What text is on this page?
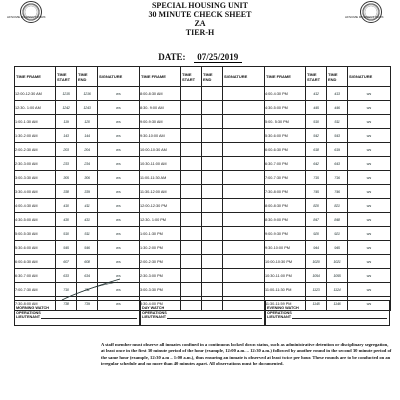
AFSCME ROHNERT PARK	AFSCME ROHNERT PARK
SPECIAL HOUSING UNIT
30 MINUTE CHECK SHEET
ZA
TIER-H
DATE: 07/25/2019
TIME FRAME	TIME START	TIME END	SIGNATURE	TIME FRAME	TIME START	TIME END	SIGNATURE	TIME FRAME	TIME START	TIME END	SIGNATURE
12:00-12:30 AM	1215	1216	ws	8:00-8:30 AM				4:00-4:30 PM	412	413	ws
12:30- 1:00 AM	1242	1243	ws	8:30- 9:00 AM				4:30-5:00 PM	445	446	ws
1:00-1:30 AM	119	120	ws	9:00-9:30 AM				5:00- 5:30 PM	510	511	ws
1:30-2:00 AM	143	144	ws	9:30-10:00 AM				5:30-6:00 PM	542	543	ws
2:00-2:30 AM	203	204	ws	10:00-10:30 AM				6:00-6:30 PM	618	619	ws
2:30-3:00 AM	233	234	ws	10:30-11:00 AM				6:30-7:00 PM	642	643	ws
3:00-3:30 AM	305	306	ws	11:00-11:30 AM				7:00-7:30 PM	715	716	ws
3:30-4:00 AM	338	339	ws	11:30-12:00 AM				7:30-8:00 PM	745	746	ws
4:00-4:30 AM	410	411	ws	12:00-12:30 PM				8:00-8:30 PM	820	821	ws
4:30-5:00 AM	430	431	ws	12:30- 1:00 PM				8:30-9:00 PM	847	848	ws
5:00-5:30 AM	510	511	ws	1:00-1:30 PM				9:00-9:30 PM	920	921	ws
5:30-6:00 AM	545	546	ws	1:30-2:00 PM				9:30-10:00 PM	944	945	ws
6:00-6:30 AM	607	608	ws	2:00-2:30 PM				10:00-10:30 PM	1020	1021	ws
6:30-7:00 AM	633	634	ws	2:30-3:00 PM				10:30-11:00 PM	1054	1055	ws
7:00-7:30 AM	710	711	ws	3:00-3:30 PM				11:00-11:30 PM	1123	1124	ws
7:30-8:00 AM	738	739	ws	3:30-4:00 PM				11:30-11:59 PM	1145	1146	ws
MORNING WATCH OPERATIONS LIEUTENANT
DAY WATCH OPERATIONS LIEUTENANT
EVENING WATCH OPERATIONS LIEUTENANT
A staff member must observe all inmates confined in a continuous locked down status, such as administrative detention or disciplinary segregation, at least once in the first 30 minute period of the hour (example, 12:00 a.m. – 12:30 a.m.) followed by another round in the second 30 minute period of the same hour (example, 12:30 a.m – 1:00 a.m.), thus ensuring an inmate is observed at least twice per hour. These rounds are to be conducted on an irregular schedule and no more than 40 minutes apart. All observations must be documented.
